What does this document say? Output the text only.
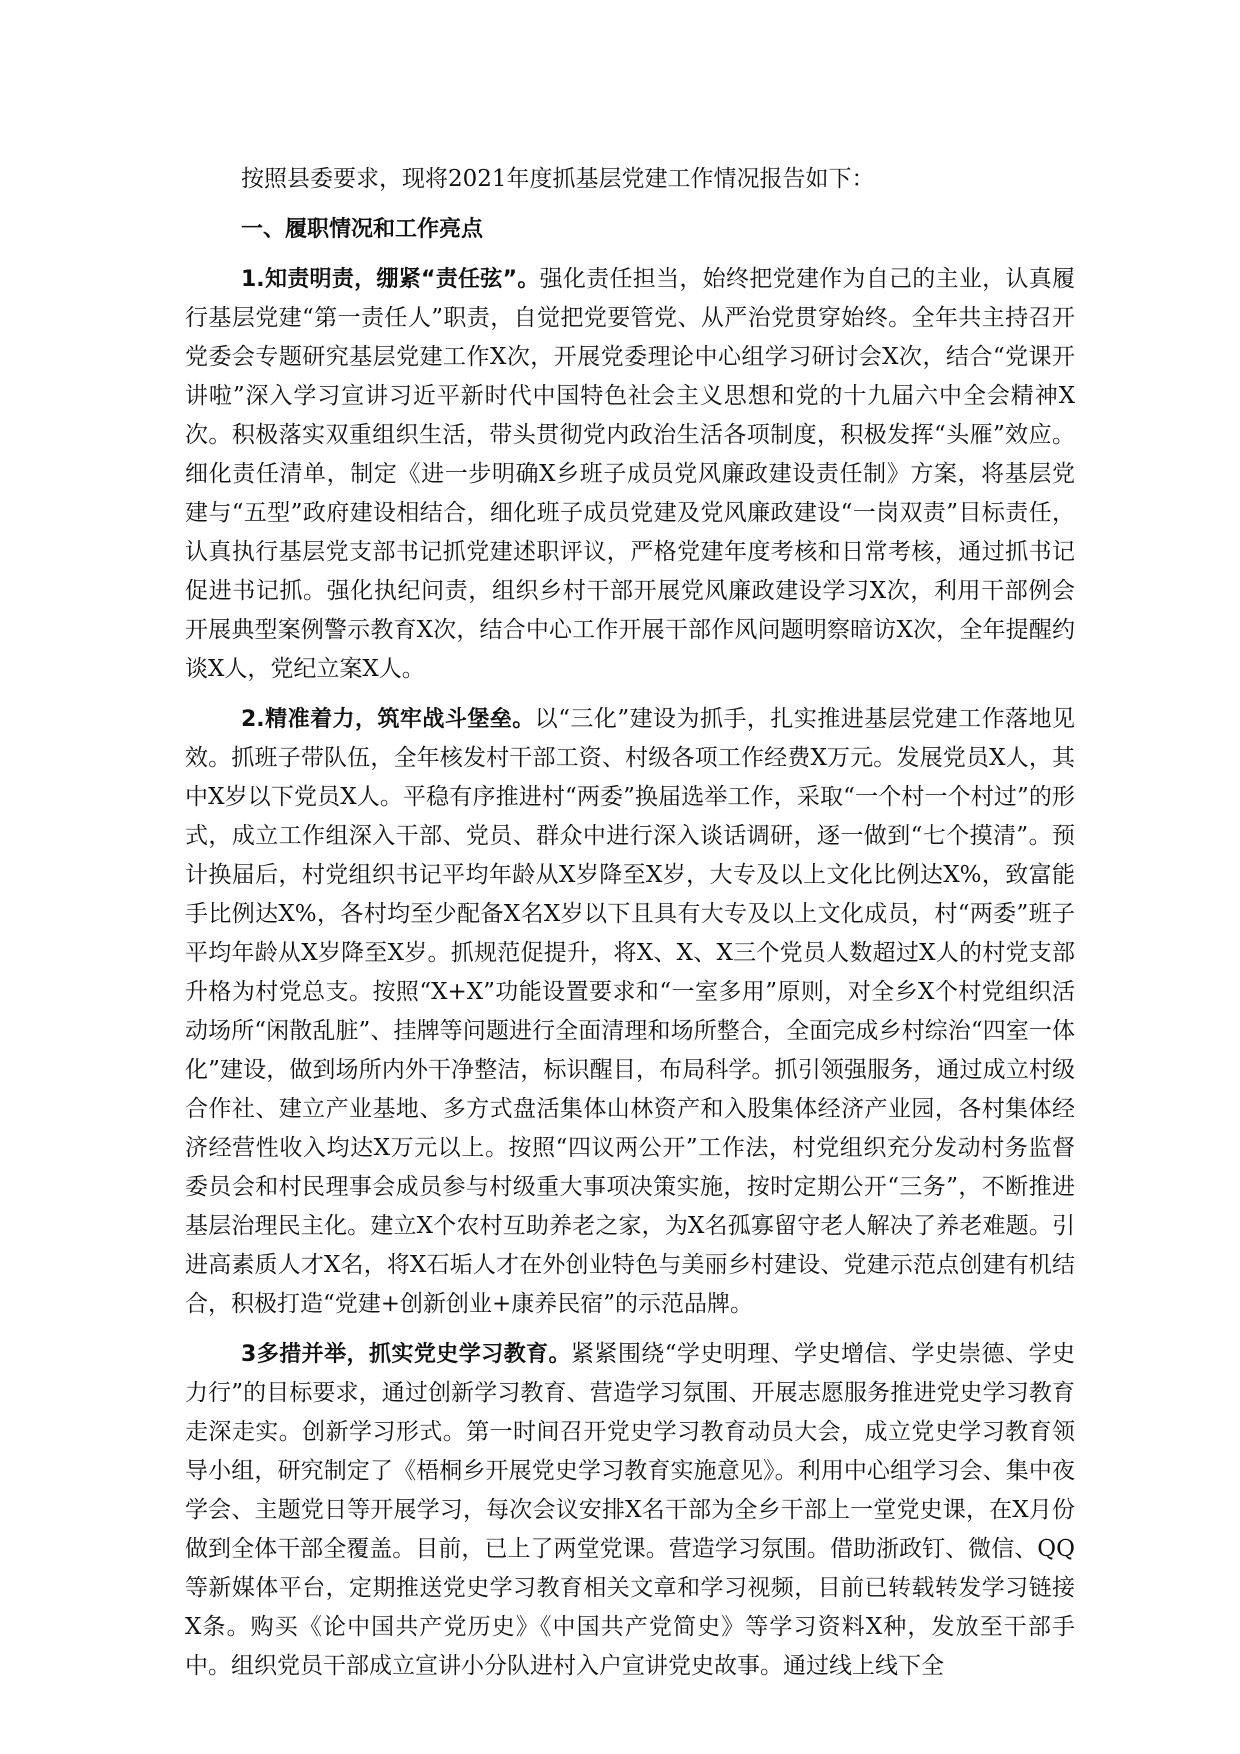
按照县委要求，现将2021年度抓基层党建工作情况报告如下：

一、履职情况和工作亮点

1.知责明责，绷紧“责任弦”。强化责任担当，始终把党建作为自己的主业，认真履行基层党建“第一责任人”职责，自觉把党要管党、从严治党贯穿始终。全年共主持召开党委会专题研究基层党建工作X次，开展党委理论中心组学习研讨会X次，结合“党课开讲啦”深入学习宣讲习近平新时代中国特色社会主义思想和党的十九届六中全会精神X次。积极落实双重组织生活，带头贯彻党内政治生活各项制度，积极发挥“头雁”效应。细化责任清单，制定《进一步明确X乡班子成员党风廉政建设责任制》方案，将基层党建与“五型”政府建设相结合，细化班子成员党建及党风廉政建设“一岗双责”目标责任，认真执行基层党支部书记抓党建述职评议，严格党建年度考核和日常考核，通过抓书记促进书记抓。强化执纪问责，组织乡村干部开展党风廉政建设学习X次，利用干部例会开展典型案例警示教育X次，结合中心工作开展干部作风问题明察暗访X次，全年提醒约谈X人，党纪立案X人。

2.精准着力，筑牢战斗堡垒。以“三化”建设为抓手，扎实推进基层党建工作落地见效。抓班子带队伍，全年核发村干部工资、村级各项工作经费X万元。发展党员X人，其中X岁以下党员X人。平稳有序推进村“两委”换届选举工作，采取“一个村一个村过”的形式，成立工作组深入干部、党员、群众中进行深入谈话调研，逐一做到“七个摸清”。预计换届后，村党组织书记平均年龄从X岁降至X岁，大专及以上文化比例达X%，致富能手比例达X%，各村均至少配备X名X岁以下且具有大专及以上文化成员，村“两委”班子平均年龄从X岁降至X岁。抓规范促提升，将X、X、X三个党员人数超过X人的村党支部升格为村党总支。按照“X+X”功能设置要求和“一室多用”原则，对全乡X个村党组织活动场所“闲散乱脏”、挂牌等问题进行全面清理和场所整合，全面完成乡村综治“四室一体化”建设，做到场所内外干净整洁，标识醒目，布局科学。抓引领强服务，通过成立村级合作社、建立产业基地、多方式盘活集体山林资产和入股集体经济产业园，各村集体经济经营性收入均达X万元以上。按照“四议两公开”工作法，村党组织充分发动村务监督委员会和村民理事会成员参与村级重大事项决策实施，按时定期公开“三务”，不断推进基层治理民主化。建立X个农村互助养老之家，为X名孤寡留守老人解决了养老难题。引进高素质人才X名，将X石垢人才在外创业特色与美丽乡村建设、党建示范点创建有机结合，积极打造“党建+创新创业+康养民宿”的示范品牌。

3多措并举，抓实党史学习教育。紧紧围绕“学史明理、学史增信、学史崇德、学史力行”的目标要求，通过创新学习教育、营造学习氛围、开展志愿服务推进党史学习教育走深走实。创新学习形式。第一时间召开党史学习教育动员大会，成立党史学习教育领导小组，研究制定了《梧桐乡开展党史学习教育实施意见》。利用中心组学习会、集中夜学会、主题党日等开展学习，每次会议安排X名干部为全乡干部上一堂党史课，在X月份做到全体干部全覆盖。目前，已上了两堂党课。营造学习氛围。借助浙政钉、微信、QQ等新媒体平台，定期推送党史学习教育相关文章和学习视频，目前已转载转发学习链接X条。购买《论中国共产党历史》《中国共产党简史》等学习资料X种，发放至干部手中。组织党员干部成立宣讲小分队进村入户宣讲党史故事。通过线上线下全
